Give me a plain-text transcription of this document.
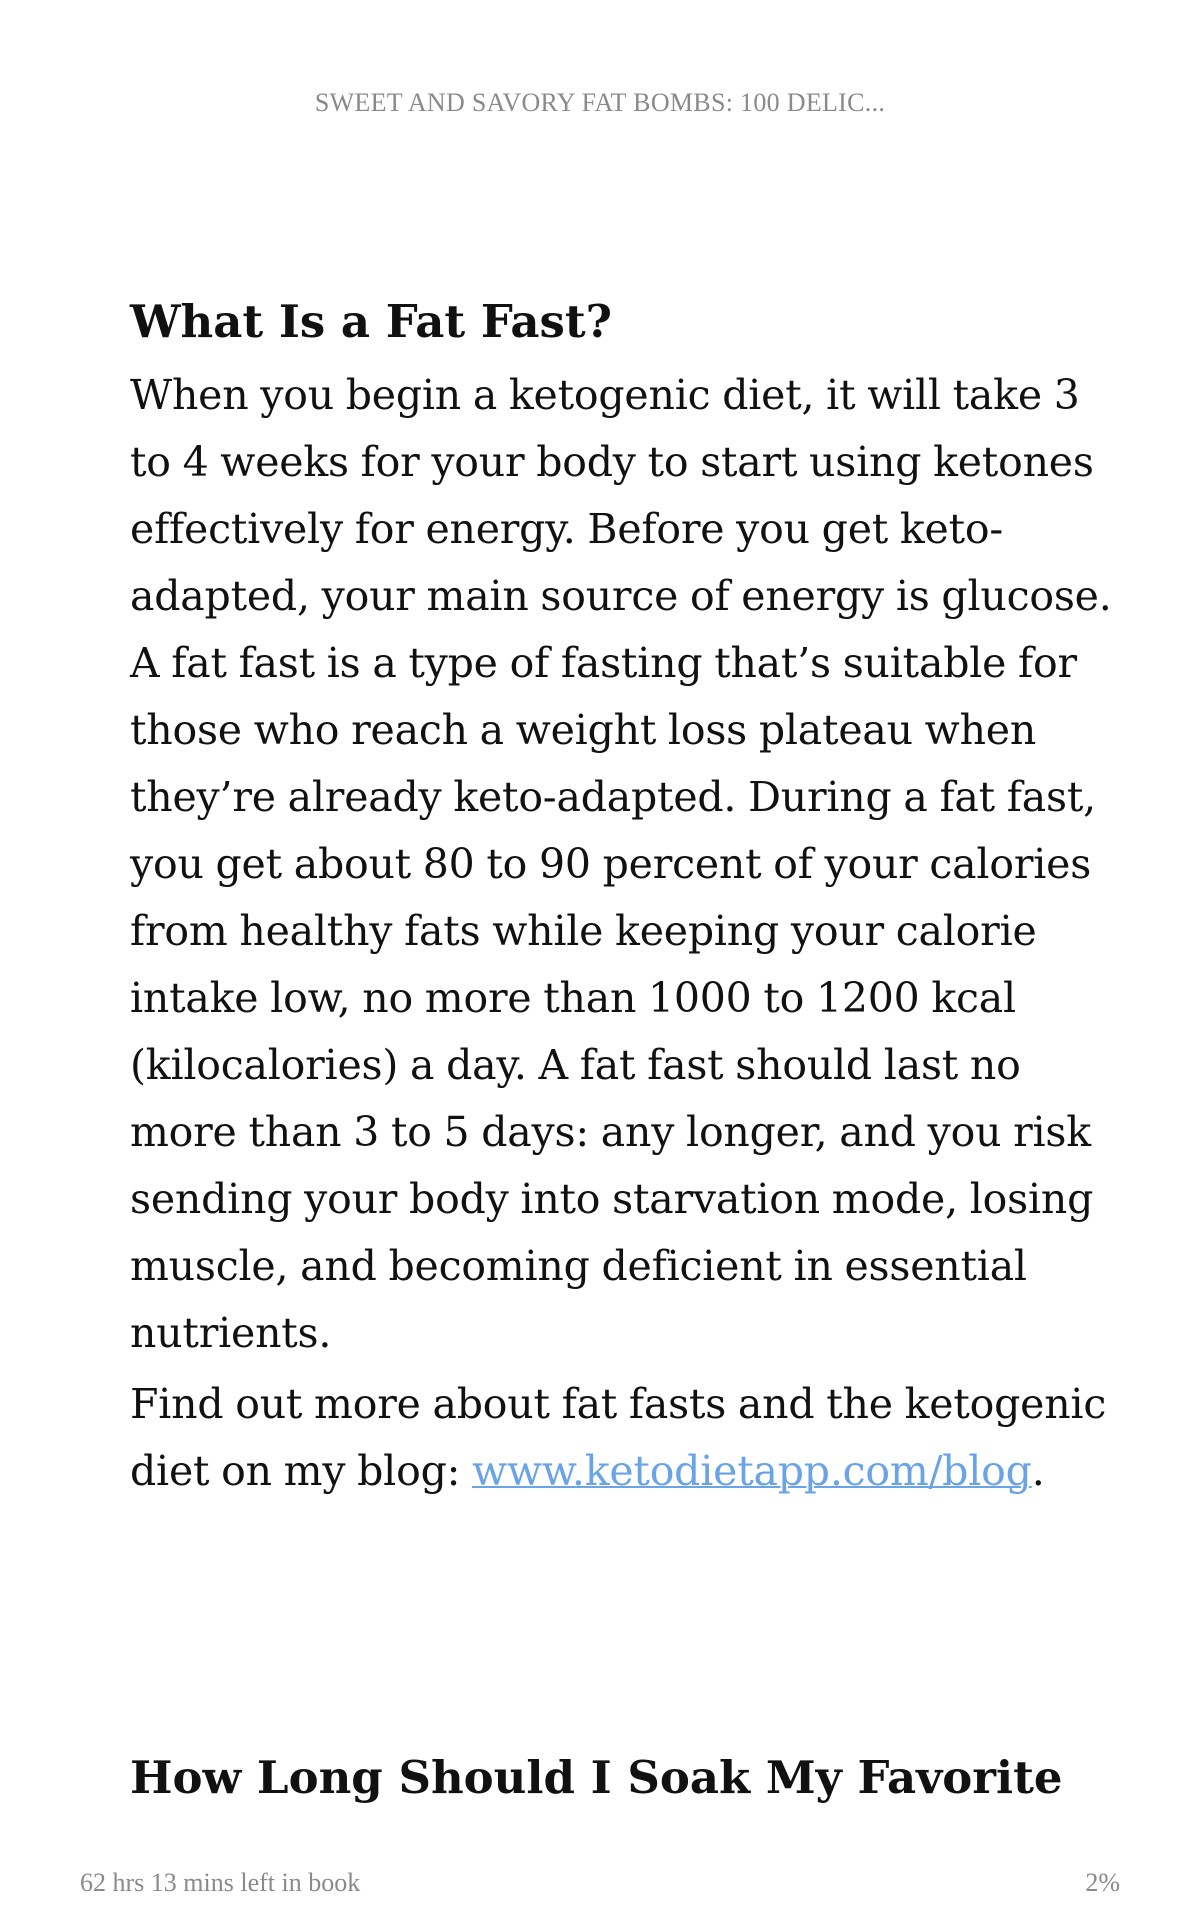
SWEET AND SAVORY FAT BOMBS: 100 DELIC...
What Is a Fat Fast?

When you begin a ketogenic diet, it will take 3 to 4 weeks for your body to start using ketones effectively for energy. Before you get keto-adapted, your main source of energy is glucose. A fat fast is a type of fasting that’s suitable for those who reach a weight loss plateau when they’re already keto-adapted. During a fat fast, you get about 80 to 90 percent of your calories from healthy fats while keeping your calorie intake low, no more than 1000 to 1200 kcal (kilocalories) a day. A fat fast should last no more than 3 to 5 days: any longer, and you risk sending your body into starvation mode, losing muscle, and becoming deficient in essential nutrients.

Find out more about fat fasts and the ketogenic diet on my blog: www.ketodietapp.com/blog.

How Long Should I Soak My Favorite
62 hrs 13 mins left in book	2%
